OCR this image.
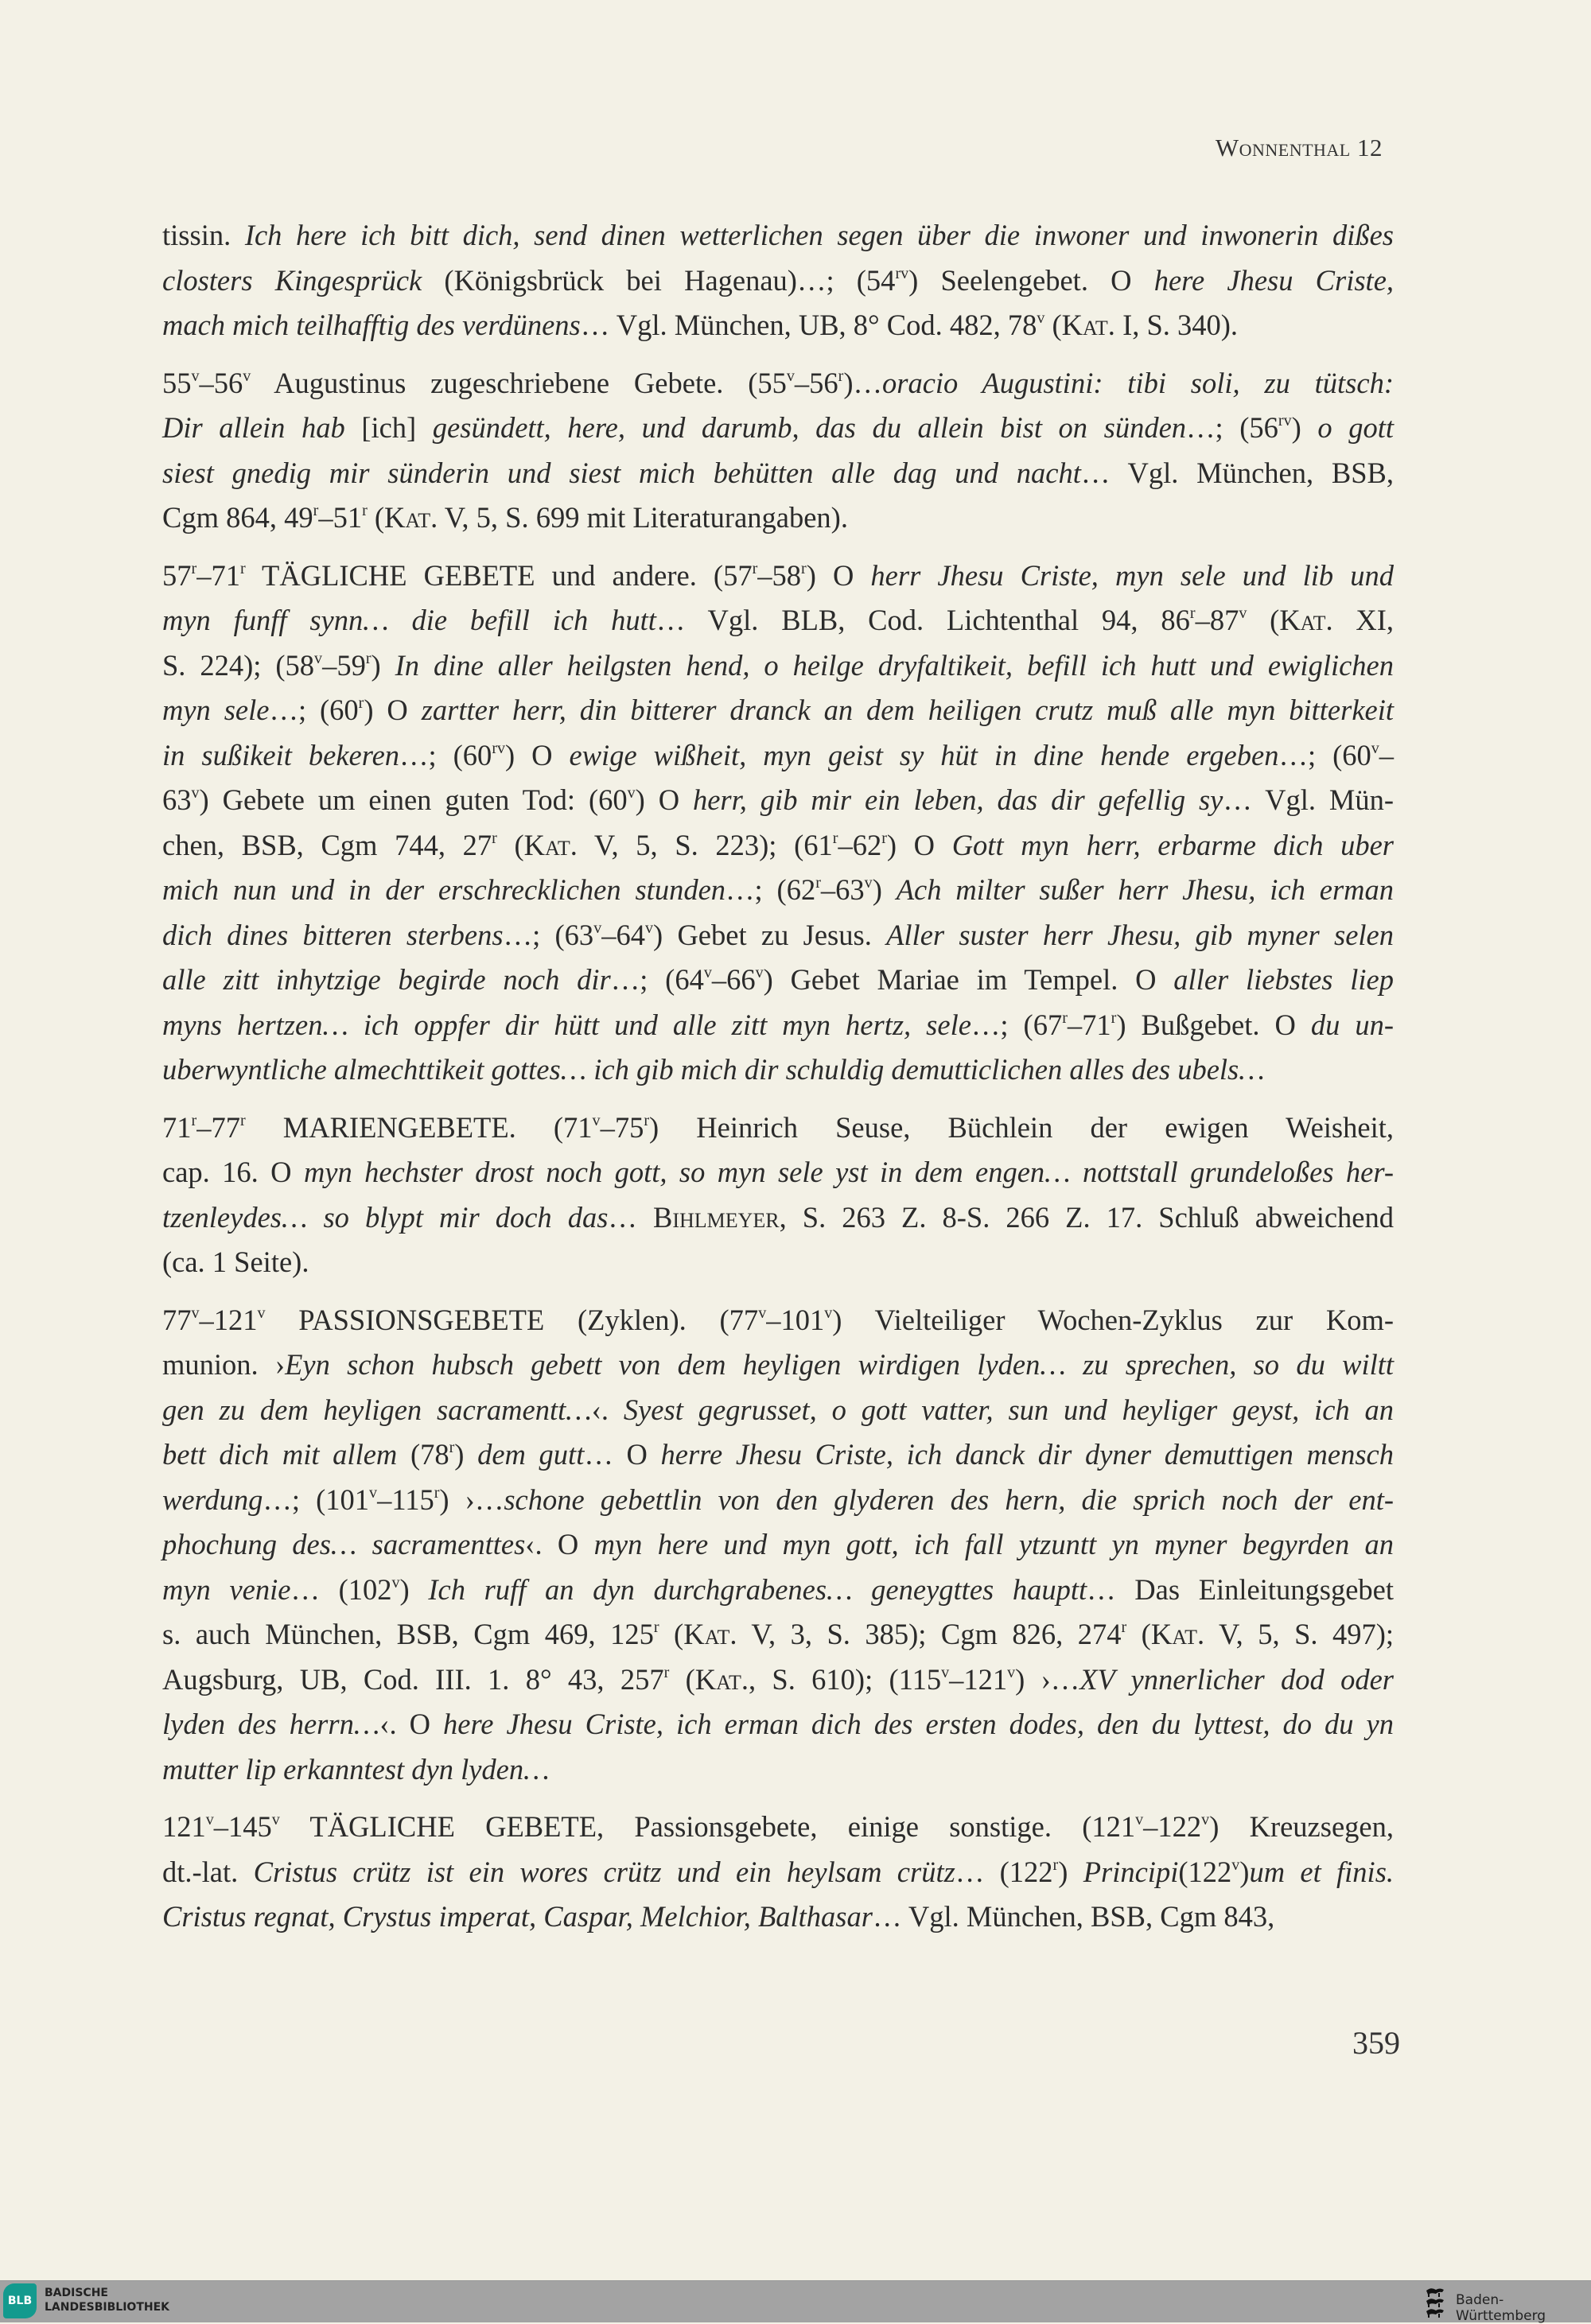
Wonnenthal 12
tissin. Ich here ich bitt dich, send dinen wetterlichen segen über die inwoner und inwonerin dißes
closters Kingesprück (Königsbrück bei Hagenau)…; $(54^{rv})$ Seelengebet. O here Jhesu Criste,
mach mich teilhafftig des verdünens… Vgl. München, UB, 8° Cod. 482, 78$^v$ (Kat. I, S. 340).
55$^v$–56$^v$ Augustinus zugeschriebene Gebete. (55$^v$–56$^r$)…oracio Augustini: tibi soli, zu tütsch:
Dir allein hab [ich] gesündett, here, und darumb, das du allein bist on sünden…; $(56^{rv})$ o gott
siest gnedig mir sünderin und siest mich behütten alle dag und nacht… Vgl. München, BSB,
Cgm 864, 49$^r$–51$^r$ (Kat. V, 5, S. 699 mit Literaturangaben).
57$^r$–71$^r$ TÄGLICHE GEBETE und andere. (57$^r$–58$^r$) O herr Jhesu Criste, myn sele und lib und
myn funff synn… die befill ich hutt… Vgl. BLB, Cod. Lichtenthal 94, 86$^r$–87$^v$ (Kat. XI,
S. 224); (58$^v$–59$^r$) In dine aller heilgsten hend, o heilge dryfaltikeit, befill ich hutt und ewiglichen
myn sele…; (60$^r$) O zartter herr, din bitterer dranck an dem heiligen crutz muß alle myn bitterkeit
in sußikeit bekeren…; $(60^{rv})$ O ewige wißheit, myn geist sy hüt in dine hende ergeben…; (60$^v$–
63$^v$) Gebete um einen guten Tod: (60$^v$) O herr, gib mir ein leben, das dir gefellig sy… Vgl. Mün-
chen, BSB, Cgm 744, 27$^r$ (Kat. V, 5, S. 223); (61$^r$–62$^r$) O Gott myn herr, erbarme dich uber
mich nun und in der erschrecklichen stunden…; (62$^r$–63$^v$) Ach milter sußer herr Jhesu, ich erman
dich dines bitteren sterbens…; (63$^v$–64$^v$) Gebet zu Jesus. Aller suster herr Jhesu, gib myner selen
alle zitt inhytzige begirde noch dir…; (64$^v$–66$^v$) Gebet Mariae im Tempel. O aller liebstes liep
myns hertzen… ich oppfer dir hütt und alle zitt myn hertz, sele…; (67$^r$–71$^r$) Bußgebet. O du un-
uberwyntliche almechttikeit gottes… ich gib mich dir schuldig demutticlichen alles des ubels…
71$^r$–77$^r$ MARIENGEBETE. (71$^v$–75$^r$) Heinrich Seuse, Büchlein der ewigen Weisheit,
cap. 16. O myn hechster drost noch gott, so myn sele yst in dem engen… nottstall grundeloßes her-
tzenleydes… so blypt mir doch das… Bihlmeyer, S. 263 Z. 8-S. 266 Z. 17. Schluß abweichend
(ca. 1 Seite).
77$^v$–121$^v$ PASSIONSGEBETE (Zyklen). (77$^v$–101$^v$) Vielteiliger Wochen-Zyklus zur Kom-
munion. ›Eyn schon hubsch gebett von dem heyligen wirdigen lyden… zu sprechen, so du wiltt
gen zu dem heyligen sacramentt…‹. Syest gegrusset, o gott vatter, sun und heyliger geyst, ich an
bett dich mit allem (78$^r$) dem gutt… O herre Jhesu Criste, ich danck dir dyner demuttigen mensch
werdung…; (101$^v$–115$^r$) ›…schone gebettlin von den glyderen des hern, die sprich noch der ent-
phochung des… sacramenttes‹. O myn here und myn gott, ich fall ytzuntt yn myner begyrden an
myn venie… (102$^v$) Ich ruff an dyn durchgrabenes… geneygttes hauptt… Das Einleitungsgebet
s. auch München, BSB, Cgm 469, 125$^r$ (Kat. V, 3, S. 385); Cgm 826, 274$^r$ (Kat. V, 5, S. 497);
Augsburg, UB, Cod. III. 1. 8° 43, 257$^r$ (Kat., S. 610); (115$^v$–121$^v$) ›…XV ynnerlicher dod oder
lyden des herrn…‹. O here Jhesu Criste, ich erman dich des ersten dodes, den du lyttest, do du yn
mutter lip erkanntest dyn lyden…
121$^v$–145$^v$ TÄGLICHE GEBETE, Passionsgebete, einige sonstige. (121$^v$–122$^v$) Kreuzsegen,
dt.-lat. Cristus crütz ist ein wores crütz und ein heylsam crütz… (122$^r$) Principi(122$^v$)um et finis.
Cristus regnat, Crystus imperat, Caspar, Melchior, Balthasar… Vgl. München, BSB, Cgm 843,
359
BLB
BADISCHE
LANDESBIBLIOTHEK	Baden-Württemberg
